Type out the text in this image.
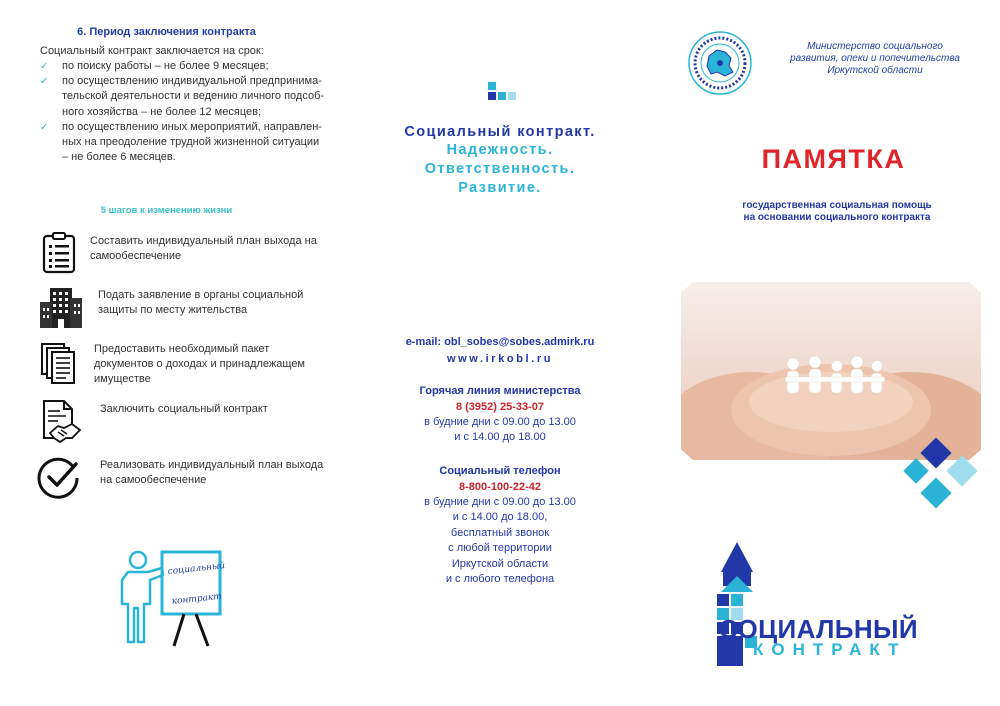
6. Период заключения контракта
Социальный контракт заключается на срок:
✓ по поиску работы – не более 9 месяцев;
✓ по осуществлению индивидуальной предпринима-тельской деятельности и ведению личного подсоб-ного хозяйства – не более 12 месяцев;
✓ по осуществлению иных мероприятий, направлен-ных на преодоление трудной жизненной ситуации – не более 6 месяцев.
5 шагов к изменению жизни
Составить индивидуальный план выхода на самообеспечение
Подать заявление в органы социальной защиты по месту жительства
Предоставить необходимый пакет документов о доходах и принадлежащем имуществе
Заключить социальный контракт
Реализовать индивидуальный план выхода на самообеспечение
социальный
контракт
Социальный контракт.
Надежность.
Ответственность.
Развитие.
e-mail: obl_sobes@sobes.admirk.ru
www.irkobl.ru
Горячая линия министерства
8 (3952) 25-33-07
в будние дни с 09.00 до 13.00
и с 14.00 до 18.00
Социальный телефон
8-800-100-22-42
в будние дни с 09.00 до 13.00
и с 14.00 до 18.00,
бесплатный звонок
с любой территории
Иркутской области
и с любого телефона
Министерство социального
развития, опеки и попечительства
Иркутской области
ПАМЯТКА
государственная социальная помощь
на основании социального контракта
СОЦИАЛЬНЫЙ
КОНТРАКТ
